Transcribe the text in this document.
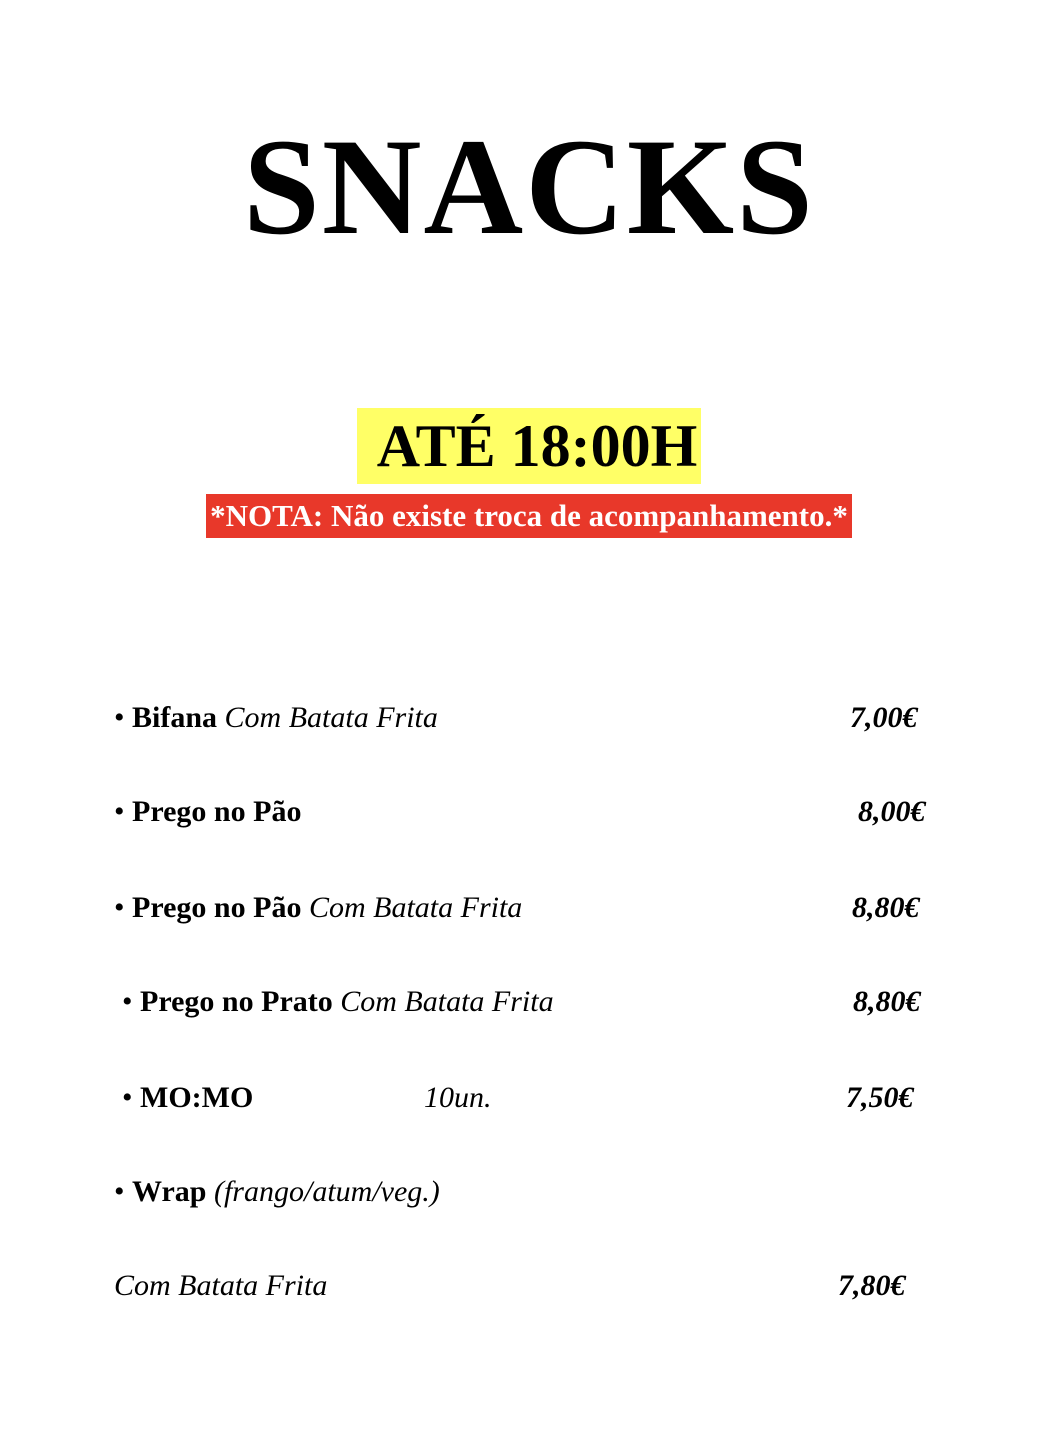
SNACKS
ATÉ 18:00H
*NOTA: Não existe troca de acompanhamento.*
• Bifana Com Batata Frita	7,00€
• Prego no Pão	8,00€
• Prego no Pão Com Batata Frita	8,80€
• Prego no Prato Com Batata Frita	8,80€
• MO:MO	10un.	7,50€
• Wrap (frango/atum/veg.)
Com Batata Frita	7,80€
